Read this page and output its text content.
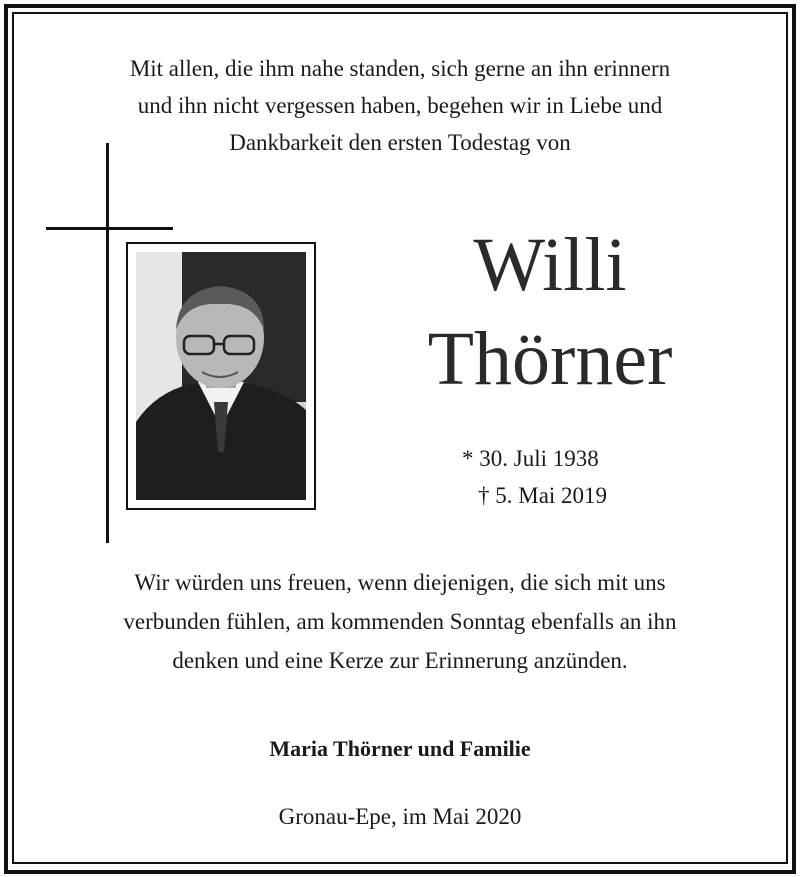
Mit allen, die ihm nahe standen, sich gerne an ihn erinnern
und ihn nicht vergessen haben, begehen wir in Liebe und
Dankbarkeit den ersten Todestag von
Willi
Thörner
* 30. Juli 1938
† 5. Mai 2019
Wir würden uns freuen, wenn diejenigen, die sich mit uns
verbunden fühlen, am kommenden Sonntag ebenfalls an ihn
denken und eine Kerze zur Erinnerung anzünden.
Maria Thörner und Familie
Gronau-Epe, im Mai 2020
